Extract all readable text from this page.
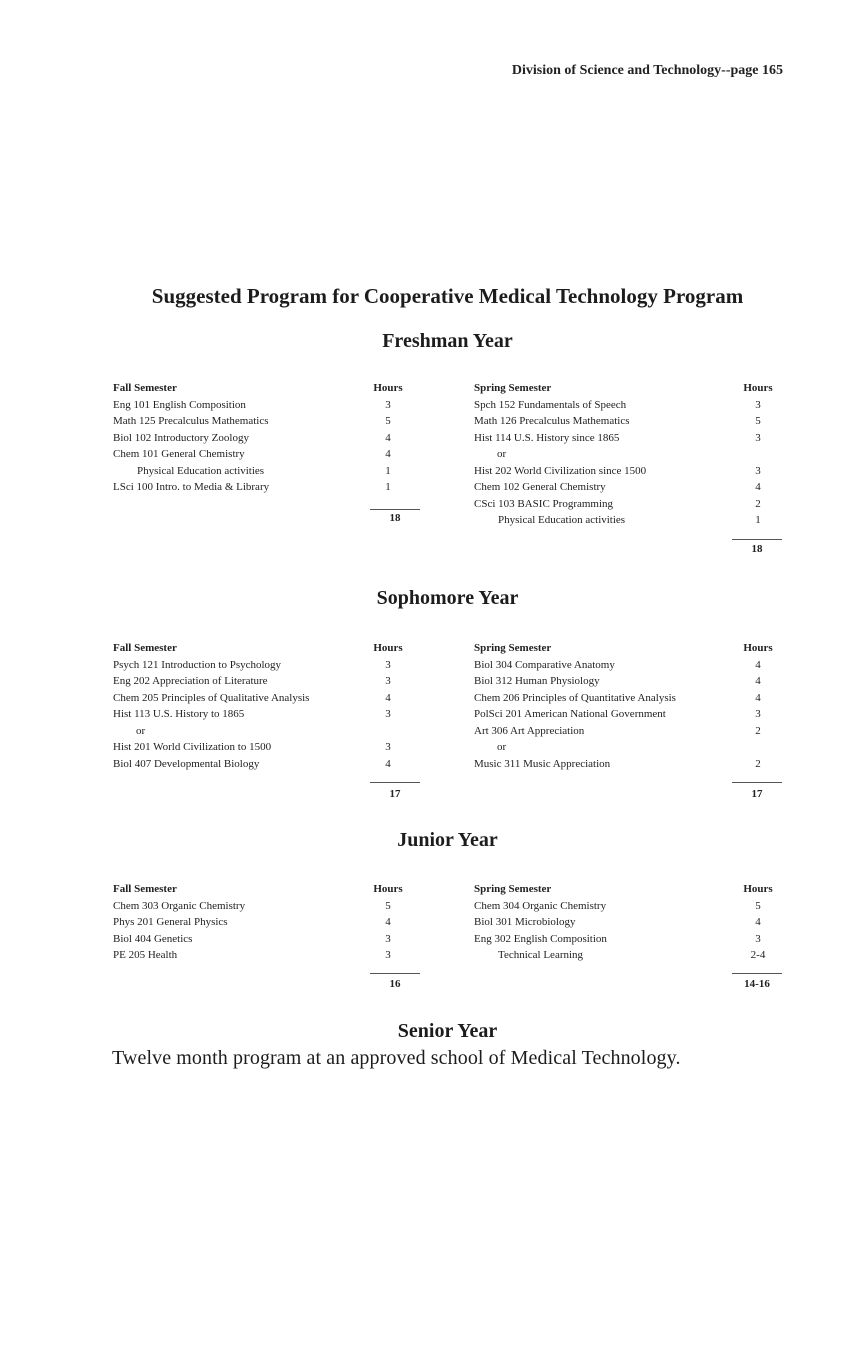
Division of Science and Technology--page 165
Suggested Program for Cooperative Medical Technology Program
Freshman Year
Fall Semester	Hours
Eng 101 English Composition	3
Math 125 Precalculus Mathematics	5
Biol 102 Introductory Zoology	4
Chem 101 General Chemistry	4
Physical Education activities	1
LSci 100 Intro. to Media & Library	1
18
Spring Semester	Hours
Spch 152 Fundamentals of Speech	3
Math 126 Precalculus Mathematics	5
Hist 114 U.S. History since 1865	3
or
Hist 202 World Civilization since 1500	3
Chem 102 General Chemistry	4
CSci 103 BASIC Programming	2
Physical Education activities	1
18
Sophomore Year
Fall Semester	Hours
Psych 121 Introduction to Psychology	3
Eng 202 Appreciation of Literature	3
Chem 205 Principles of Qualitative Analysis	4
Hist 113 U.S. History to 1865	3
or
Hist 201 World Civilization to 1500	3
Biol 407 Developmental Biology	4
17
Spring Semester	Hours
Biol 304 Comparative Anatomy	4
Biol 312 Human Physiology	4
Chem 206 Principles of Quantitative Analysis	4
PolSci 201 American National Government	3
Art 306 Art Appreciation	2
or
Music 311 Music Appreciation	2
17
Junior Year
Fall Semester	Hours
Chem 303 Organic Chemistry	5
Phys 201 General Physics	4
Biol 404 Genetics	3
PE 205 Health	3
16
Spring Semester	Hours
Chem 304 Organic Chemistry	5
Biol 301 Microbiology	4
Eng 302 English Composition	3
Technical Learning	2-4
14-16
Senior Year
Twelve month program at an approved school of Medical Technology.
